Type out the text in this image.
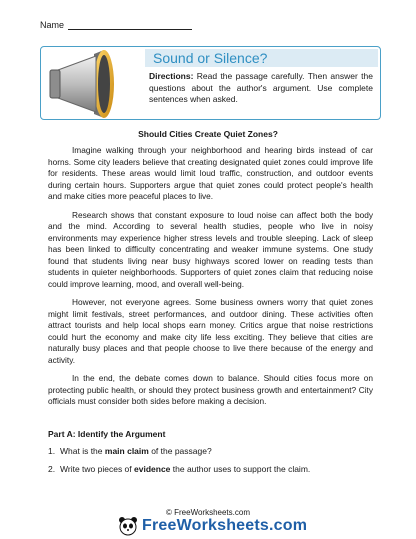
Name
Sound or Silence?
Directions: Read the passage carefully. Then answer the questions about the author's argument. Use complete sentences when asked.
Should Cities Create Quiet Zones?

Imagine walking through your neighborhood and hearing birds instead of car horns. Some city leaders believe that creating designated quiet zones could improve life for residents. These areas would limit loud traffic, construction, and outdoor events during certain hours. Supporters argue that quiet zones could protect people's health and make cities more peaceful places to live.

Research shows that constant exposure to loud noise can affect both the body and the mind. According to several health studies, people who live in noisy environments may experience higher stress levels and trouble sleeping. Lack of sleep has been linked to difficulty concentrating and weaker immune systems. One study found that students living near busy highways scored lower on reading tests than students in quieter neighborhoods. Supporters of quiet zones claim that reducing noise could improve learning, mood, and overall well-being.

However, not everyone agrees. Some business owners worry that quiet zones might limit festivals, street performances, and outdoor dining. These activities often attract tourists and help local shops earn money. Critics argue that noise restrictions could hurt the economy and make city life less exciting. They believe that cities are naturally busy places and that people choose to live there because of the energy and activity.

In the end, the debate comes down to balance. Should cities focus more on protecting public health, or should they protect business growth and entertainment? City officials must consider both sides before making a decision.

Part A: Identify the Argument
1. What is the main claim of the passage?
2. Write two pieces of evidence the author uses to support the claim.
© FreeWorksheets.com
FreeWorksheets.com
